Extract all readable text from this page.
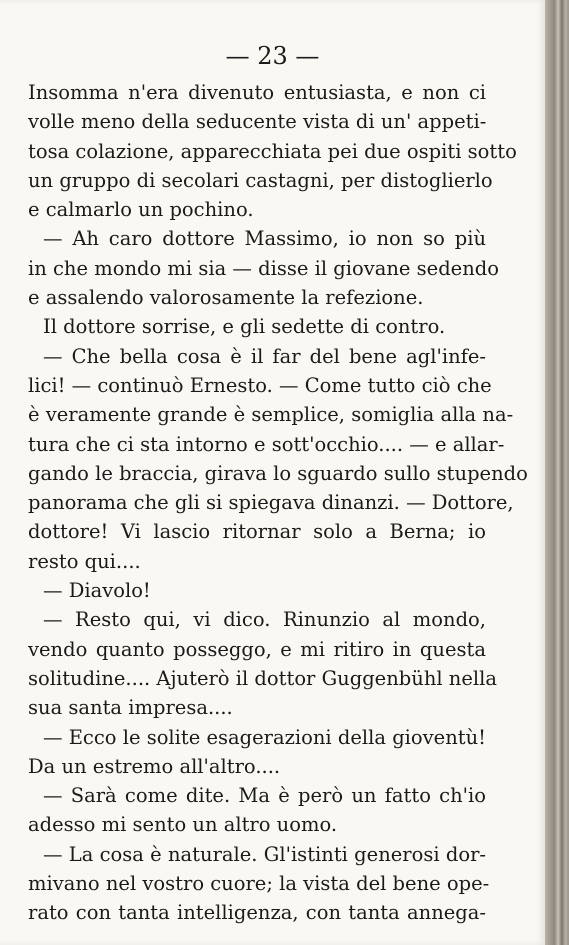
— 23 —
Insomma n'era divenuto entusiasta, e non ci
volle meno della seducente vista di un' appeti-
tosa colazione, apparecchiata pei due ospiti sotto
un gruppo di secolari castagni, per distoglierlo
e calmarlo un pochino.
— Ah caro dottore Massimo, io non so più
in che mondo mi sia — disse il giovane sedendo
e assalendo valorosamente la refezione.
Il dottore sorrise, e gli sedette di contro.
— Che bella cosa è il far del bene agl'infe-
lici! — continuò Ernesto. — Come tutto ciò che
è veramente grande è semplice, somiglia alla na-
tura che ci sta intorno e sott'occhio.... — e allar-
gando le braccia, girava lo sguardo sullo stupendo
panorama che gli si spiegava dinanzi. — Dottore,
dottore! Vi lascio ritornar solo a Berna; io
resto qui....
— Diavolo!
— Resto qui, vi dico. Rinunzio al mondo,
vendo quanto posseggo, e mi ritiro in questa
solitudine.... Ajuterò il dottor Guggenbühl nella
sua santa impresa....
— Ecco le solite esagerazioni della gioventù!
Da un estremo all'altro....
— Sarà come dite. Ma è però un fatto ch'io
adesso mi sento un altro uomo.
— La cosa è naturale. Gl'istinti generosi dor-
mivano nel vostro cuore; la vista del bene ope-
rato con tanta intelligenza, con tanta annega-
